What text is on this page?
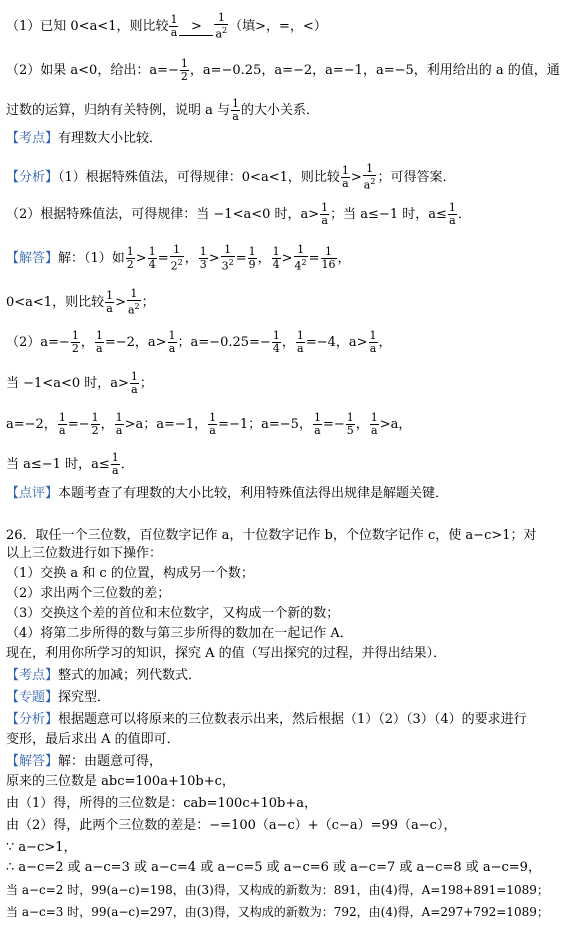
（1）已知 0<a<1，则比较 $\frac{1}{a} > \frac{1}{a^2}$ （填>，=，<）
（2）如果 a<0，给出：$a=- \frac{1}{2}$ ，a=−0.25，a=−2，a=−1，a=−5，利用给出的 a 的值，通
过数的运算，归纳有关特例，说明 a 与 $\frac{1}{a}$ 的大小关系．
【考点】有理数大小比较．
【分析】（1）根据特殊值法，可得规律：0<a<1，则比较 $\frac{1}{a} > \frac{1}{a^2}$ ；可得答案．
（2）根据特殊值法，可得规律：当 −1<a<0 时，$a> \frac{1}{a}$ ；当 a≤−1 时，$a\le \frac{1}{a}$ ．
【解答】解：（1）如 $\frac{1}{2} > \frac{1}{4} = \frac{1}{2^2}$ ， $\frac{1}{3} > \frac{1}{3^2} = \frac{1}{9}$ ， $\frac{1}{4} > \frac{1}{4^2} = \frac{1}{16}$ ，
0<a<1，则比较 $\frac{1}{a} > \frac{1}{a^2}$ ；
$(2)a=- \frac{1}{2}$ ， $\frac{1}{a} =-2$，$a> \frac{1}{a}$ ；$a=-0.25=- \frac{1}{4}$ ， $\frac{1}{a} =-4$，$a> \frac{1}{a}$ ，
当 −1<a<0 时，$a> \frac{1}{a}$ ；
a=−2， $\frac{1}{a} =- \frac{1}{2}$ ， $\frac{1}{a} >a$；a=−1， $\frac{1}{a} =-1$；a=−5， $\frac{1}{a} =- \frac{1}{5}$ ， $\frac{1}{a} >a$，
当 a≤−1 时，$a\le \frac{1}{a}$ ．
【点评】本题考查了有理数的大小比较，利用特殊值法得出规律是解题关键．
26．取任一个三位数，百位数字记作 a，十位数字记作 b，个位数字记作 c，使 a−c>1；对
以上三位数进行如下操作：
（1）交换 a 和 c 的位置，构成另一个数；
（2）求出两个三位数的差；
（3）交换这个差的首位和末位数字，又构成一个新的数；
（4）将第二步所得的数与第三步所得的数加在一起记作 A．
现在，利用你所学习的知识，探究 A 的值（写出探究的过程，并得出结果）．
【考点】整式的加减；列代数式．
【专题】探究型．
【分析】根据题意可以将原来的三位数表示出来，然后根据（1）（2）（3）（4）的要求进行
变形，最后求出 A 的值即可．
【解答】解：由题意可得，
原来的三位数是 abc=100a+10b+c，
由（1）得，所得的三位数是：cab=100c+10b+a，
由（2）得，此两个三位数的差是：−=100（a−c）+（c−a）=99（a−c），
∵ a−c>1，
∴ a−c=2 或 a−c=3 或 a−c=4 或 a−c=5 或 a−c=6 或 a−c=7 或 a−c=8 或 a−c=9，
当 a−c=2 时，99(a−c)=198，由(3)得，又构成的新数为：891，由(4)得，A=198+891=1089；
当 a−c=3 时，99(a−c)=297，由(3)得，又构成的新数为：792，由(4)得，A=297+792=1089；
